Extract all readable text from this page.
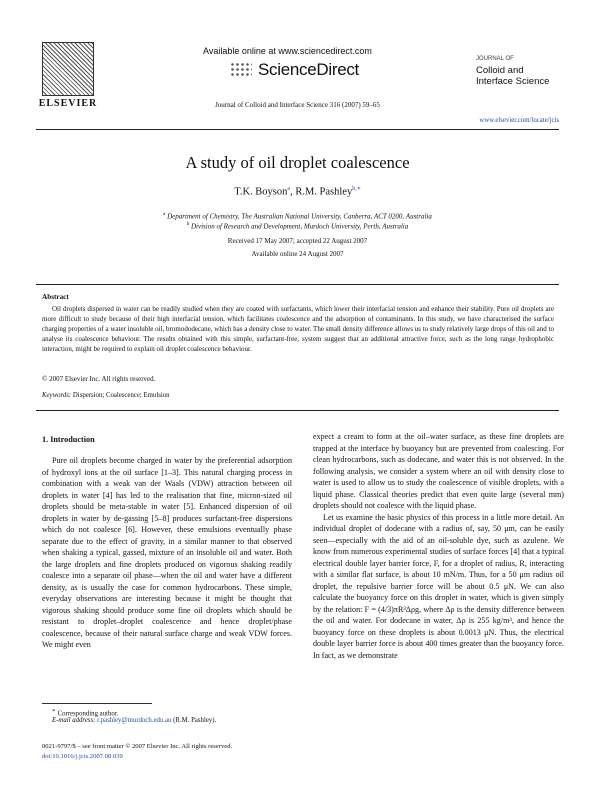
ELSEVIER
Available online at www.sciencedirect.com
ScienceDirect
Journal of Colloid and Interface Science 316 (2007) 59–65
JOURNAL OF
Colloid and
Interface Science
www.elsevier.com/locate/jcis
A study of oil droplet coalescence
T.K. Boyson$^a$, R.M. Pashley$^{b,∗}$
$^a$ Department of Chemistry, The Australian National University, Canberra, ACT 0200, Australia
$^b$ Division of Research and Development, Murdoch University, Perth, Australia
Received 17 May 2007; accepted 22 August 2007
Available online 24 August 2007
Abstract

Oil droplets dispersed in water can be readily studied when they are coated with surfactants, which lower their interfacial tension and enhance their stability. Pure oil droplets are more difficult to study because of their high interfacial tension, which facilitates coalescence and the adsorption of contaminants. In this study, we have characterised the surface charging properties of a water insoluble oil, bromododecane, which has a density close to water. The small density difference allows us to study relatively large drops of this oil and to analyse its coalescence behaviour. The results obtained with this simple, surfactant-free, system suggest that an additional attractive force, such as the long range hydrophobic interaction, might be required to explain oil droplet coalescence behaviour.

© 2007 Elsevier Inc. All rights reserved.
Keywords: Dispersion; Coalescence; Emulsion
1. Introduction

Pure oil droplets become charged in water by the preferential adsorption of hydroxyl ions at the oil surface [1–3]. This natural charging process in combination with a weak van der Waals (VDW) attraction between oil droplets in water [4] has led to the realisation that fine, micron-sized oil droplets should be meta-stable in water [5]. Enhanced dispersion of oil droplets in water by de-gassing [5–8] produces surfactant-free dispersions which do not coalesce [6]. However, these emulsions eventually phase separate due to the effect of gravity, in a similar manner to that observed when shaking a typical, gassed, mixture of an insoluble oil and water. Both the large droplets and fine droplets produced on vigorous shaking readily coalesce into a separate oil phase—when the oil and water have a different density, as is usually the case for common hydrocarbons. These simple, everyday observations are interesting because it might be thought that vigorous shaking should produce some fine oil droplets which should be resistant to droplet–droplet coalescence and hence droplet/phase coalescence, because of their natural surface charge and weak VDW forces. We might even

expect a cream to form at the oil–water surface, as these fine droplets are trapped at the interface by buoyancy but are prevented from coalescing. For clean hydrocarbons, such as dodecane, and water this is not observed. In the following analysis, we consider a system where an oil with density close to water is used to allow us to study the coalescence of visible droplets, with a liquid phase. Classical theories predict that even quite large (several mm) droplets should not coalesce with the liquid phase.

Let us examine the basic physics of this process in a little more detail. An individual droplet of dodecane with a radius of, say, 50 μm, can be easily seen—especially with the aid of an oil-soluble dye, such as azulene. We know from numerous experimental studies of surface forces [4] that a typical electrical double layer barrier force, F, for a droplet of radius, R, interacting with a similar flat surface, is about 10 mN/m. Thus, for a 50 μm radius oil droplet, the repulsive barrier force will be about 0.5 μN. We can also calculate the buoyancy force on this droplet in water, which is given simply by the relation: F = (4/3)πR³Δρg, where Δρ is the density difference between the oil and water. For dodecane in water, Δρ is 255 kg/m³, and hence the buoyancy force on these droplets is about 0.0013 μN. Thus, the electrical double layer barrier force is about 400 times greater than the buoyancy force. In fact, as we demonstrate

∗ Corresponding author.
E-mail address: r.pashley@murdoch.edu.au (R.M. Pashley).
0021-9797/$ – see front matter © 2007 Elsevier Inc. All rights reserved.
doi:10.1016/j.jcis.2007.08.039
